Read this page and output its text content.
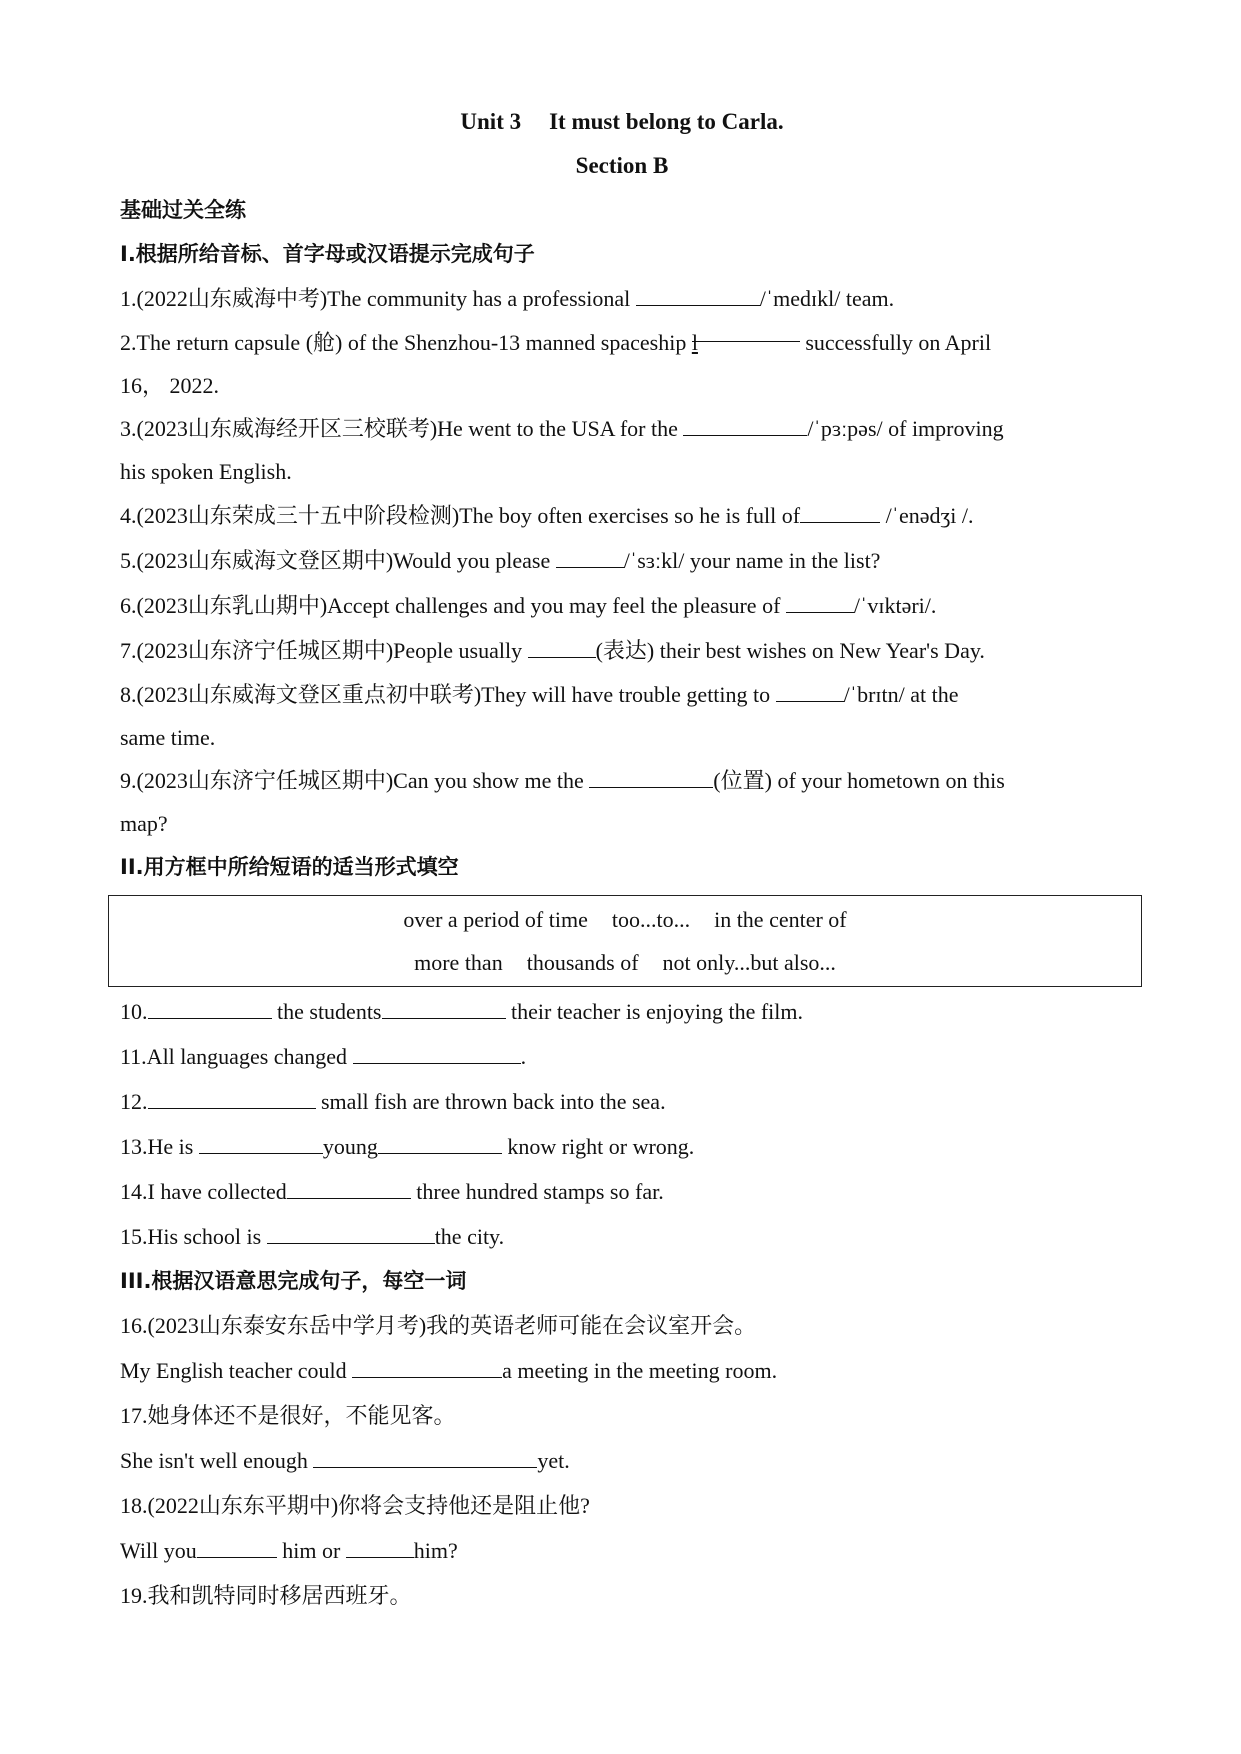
Unit 3 It must belong to Carla.
Section B
基础过关全练
I.根据所给音标、首字母或汉语提示完成句子
1.(2022山东威海中考)The community has a professional	/ˈmedɪkl/ team.
2.The return capsule (舱) of the Shenzhou-13 manned spaceship l	successfully on April
16， 2022.
3.(2023山东威海经开区三校联考)He went to the USA for the	/ˈpɜːpəs/ of improving
his spoken English.
4.(2023山东荣成三十五中阶段检测)The boy often exercises so he is full of	/ˈenədʒi /.
5.(2023山东威海文登区期中)Would you please	/ˈsɜːkl/ your name in the list?
6.(2023山东乳山期中)Accept challenges and you may feel the pleasure of	/ˈvɪktəri/.
7.(2023山东济宁任城区期中)People usually	(表达) their best wishes on New Year's Day.
8.(2023山东威海文登区重点初中联考)They will have trouble getting to	/ˈbrɪtn/ at the
same time.
9.(2023山东济宁任城区期中)Can you show me the	(位置) of your hometown on this
map?
II.用方框中所给短语的适当形式填空
over a period of time too...to... in the center of
more than thousands of not only...but also...
10.	the students	their teacher is enjoying the film.
11.All languages changed	.
12.	small fish are thrown back into the sea.
13.He is	young	know right or wrong.
14.I have collected	three hundred stamps so far.
15.His school is	the city.
III.根据汉语意思完成句子，每空一词
16.(2023山东泰安东岳中学月考)我的英语老师可能在会议室开会。
My English teacher could	a meeting in the meeting room.
17.她身体还不是很好，不能见客。
She isn't well enough	yet.
18.(2022山东东平期中)你将会支持他还是阻止他?
Will you	him or	him?
19.我和凯特同时移居西班牙。
